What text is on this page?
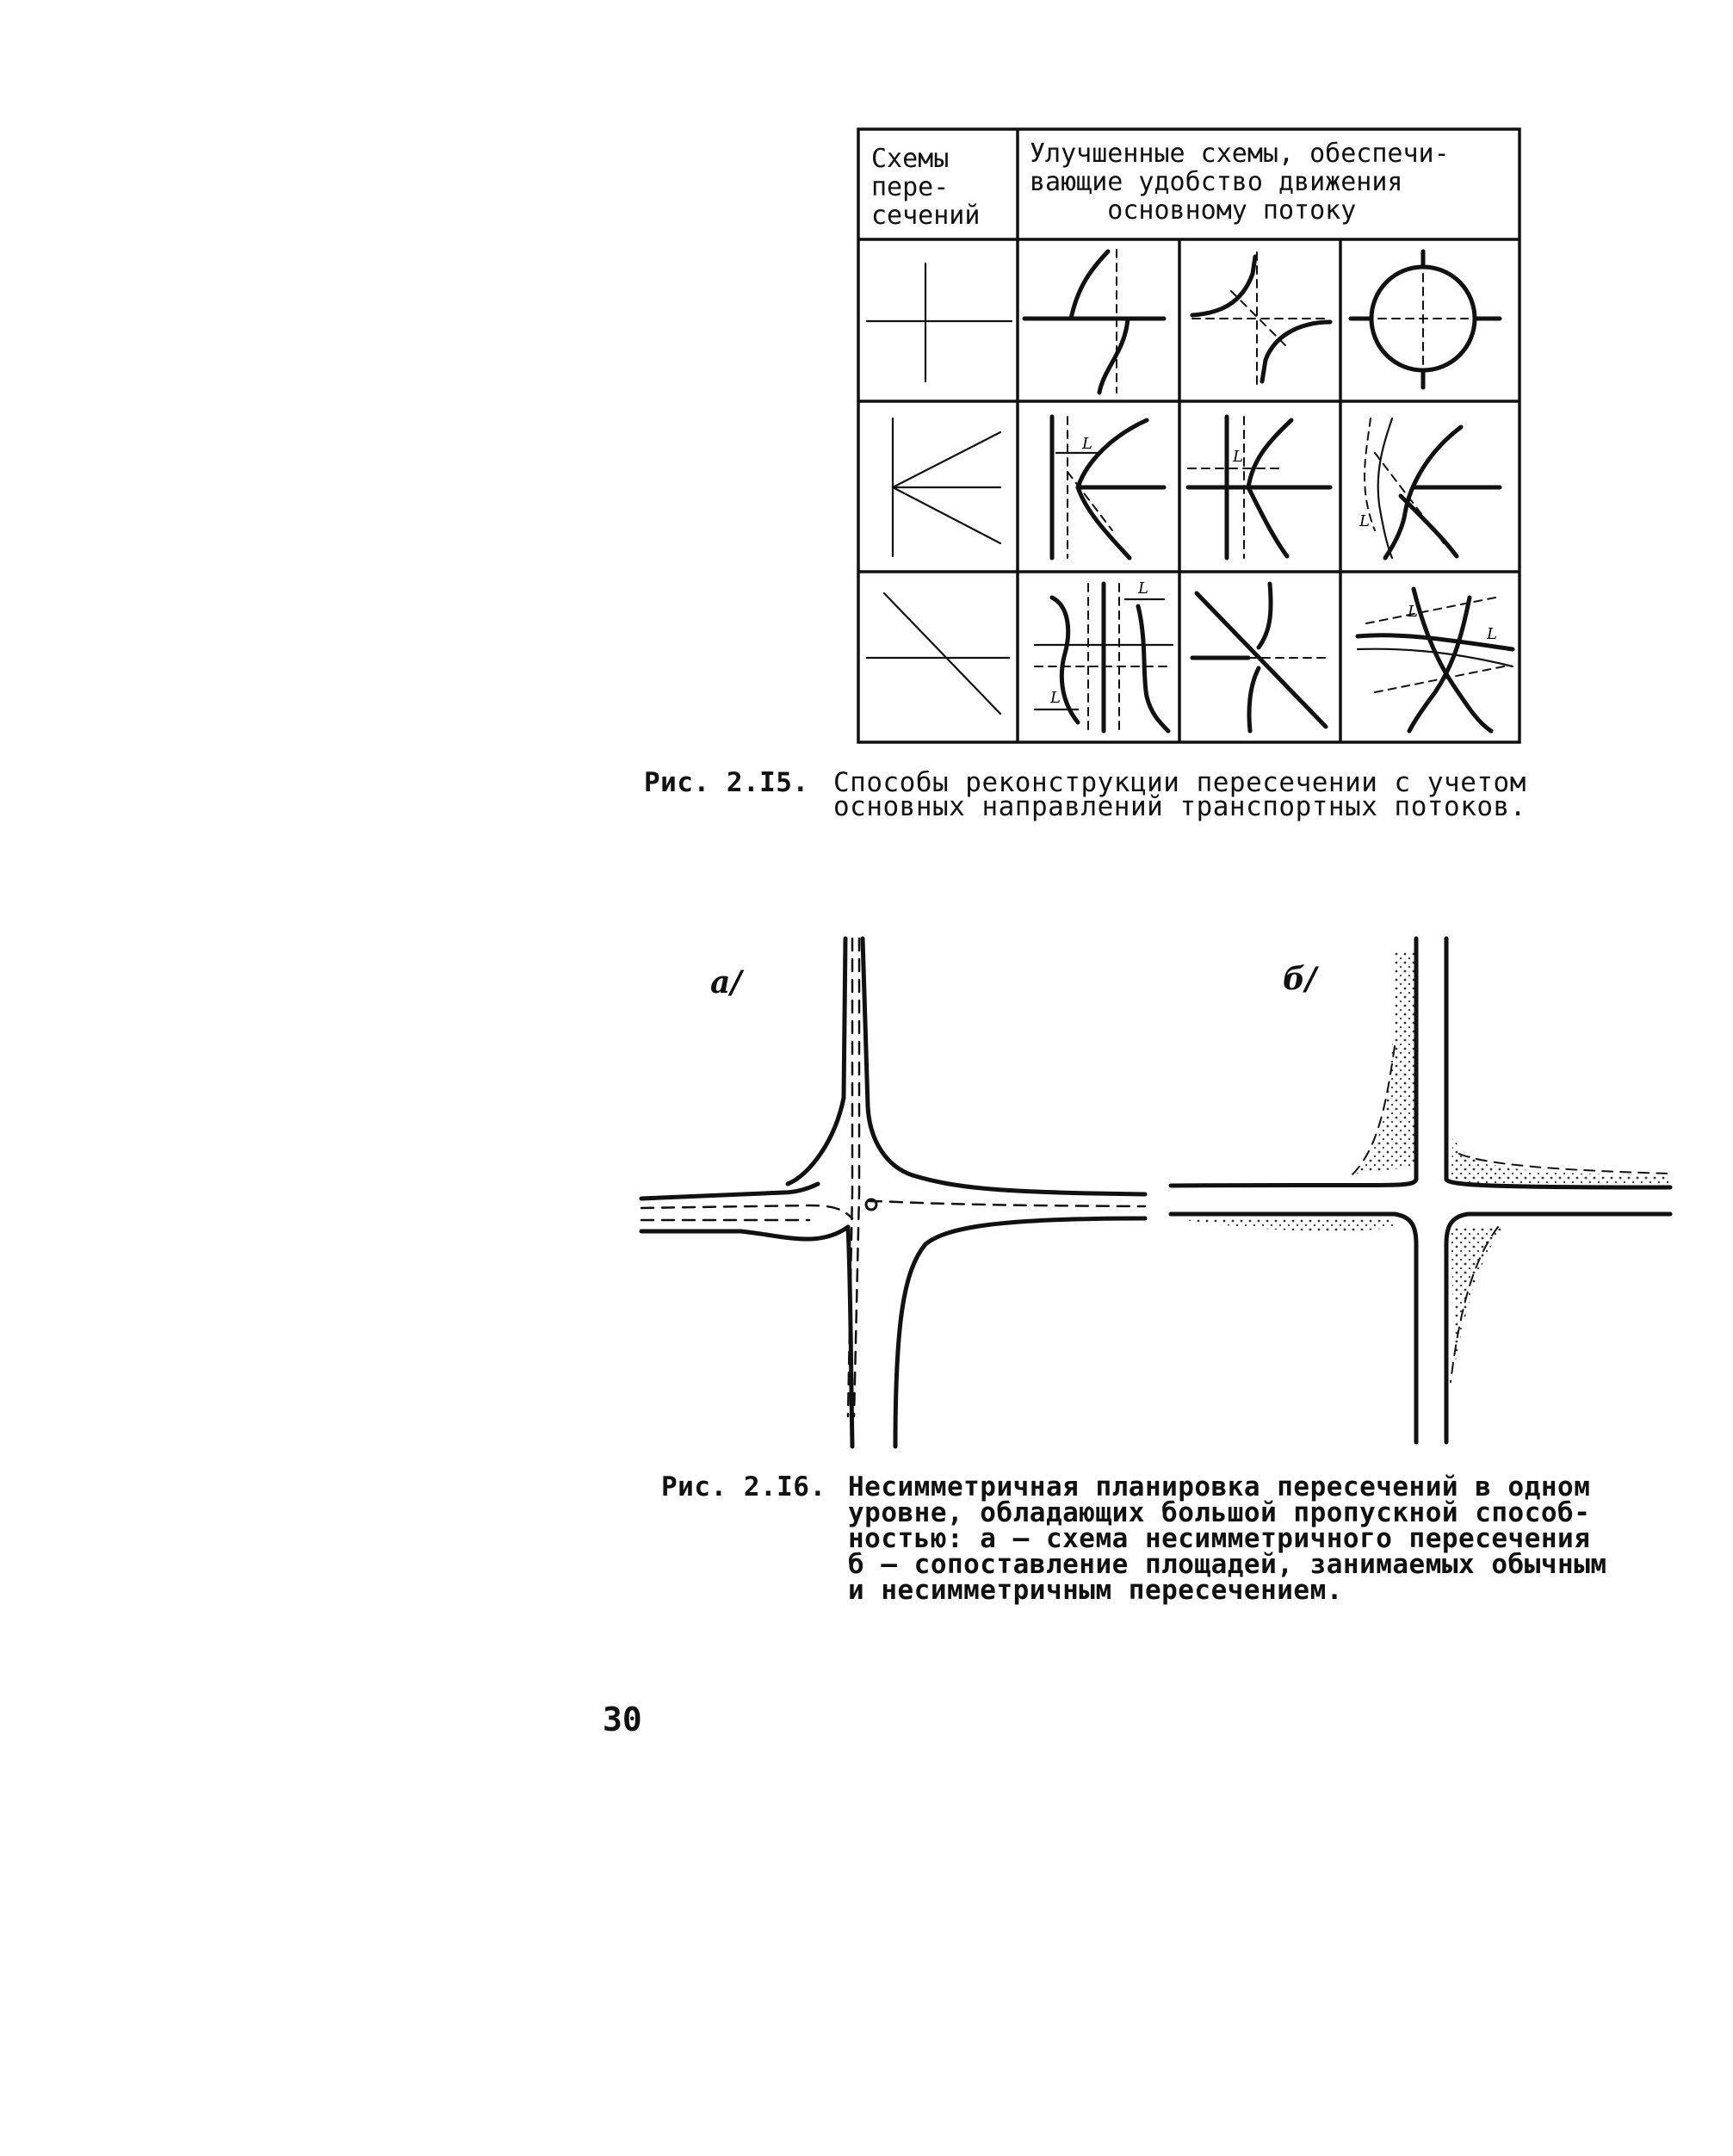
Схемы
пере-
сечений
Улучшенные схемы, обеспечи-
вающие удобство движения
основному потоку
L
L
L
L
L
L
L
Рис. 2.I5. Способы реконструкции пересечении с учетом
основных направлений транспортных потоков.
а/	б/
Рис. 2.I6. Несимметричная планировка пересечений в одном
уровне, обладающих большой пропускной способ-
ностью: а – схема несимметричного пересечения
б – сопоставление площадей, занимаемых обычным
и несимметричным пересечением.
30
